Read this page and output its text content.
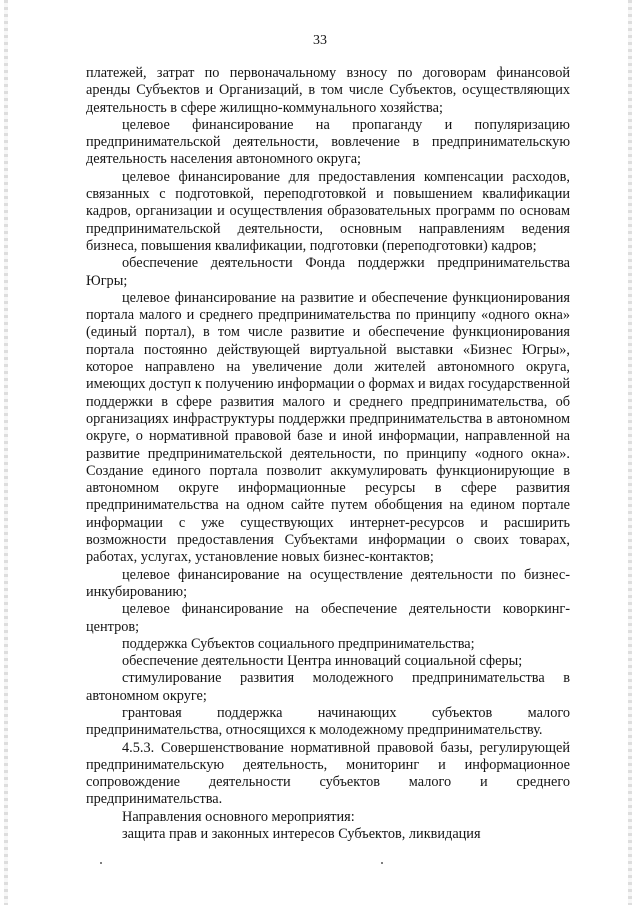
33

платежей, затрат по первоначальному взносу по договорам финансовой аренды Субъектов и Организаций, в том числе Субъектов, осуществляющих деятельность в сфере жилищно-коммунального хозяйства;

целевое финансирование на пропаганду и популяризацию предпринимательской деятельности, вовлечение в предпринимательскую деятельность населения автономного округа;

целевое финансирование для предоставления компенсации расходов, связанных с подготовкой, переподготовкой и повышением квалификации кадров, организации и осуществления образовательных программ по основам предпринимательской деятельности, основным направлениям ведения бизнеса, повышения квалификации, подготовки (переподготовки) кадров;

обеспечение деятельности Фонда поддержки предпринимательства Югры;

целевое финансирование на развитие и обеспечение функционирования портала малого и среднего предпринимательства по принципу «одного окна» (единый портал), в том числе развитие и обеспечение функционирования портала постоянно действующей виртуальной выставки «Бизнес Югры», которое направлено на увеличение доли жителей автономного округа, имеющих доступ к получению информации о формах и видах государственной поддержки в сфере развития малого и среднего предпринимательства, об организациях инфраструктуры поддержки предпринимательства в автономном округе, о нормативной правовой базе и иной информации, направленной на развитие предпринимательской деятельности, по принципу «одного окна». Создание единого портала позволит аккумулировать функционирующие в автономном округе информационные ресурсы в сфере развития предпринимательства на одном сайте путем обобщения на едином портале информации с уже существующих интернет-ресурсов и расширить возможности предоставления Субъектами информации о своих товарах, работах, услугах, установление новых бизнес-контактов;

целевое финансирование на осуществление деятельности по бизнес-инкубированию;

целевое финансирование на обеспечение деятельности коворкинг-центров;

поддержка Субъектов социального предпринимательства;

обеспечение деятельности Центра инноваций социальной сферы;

стимулирование развития молодежного предпринимательства в автономном округе;

грантовая поддержка начинающих субъектов малого предпринимательства, относящихся к молодежному предпринимательству.

4.5.3. Совершенствование нормативной правовой базы, регулирующей предпринимательскую деятельность, мониторинг и информационное сопровождение деятельности субъектов малого и среднего предпринимательства.

Направления основного мероприятия:

защита прав и законных интересов Субъектов, ликвидация
